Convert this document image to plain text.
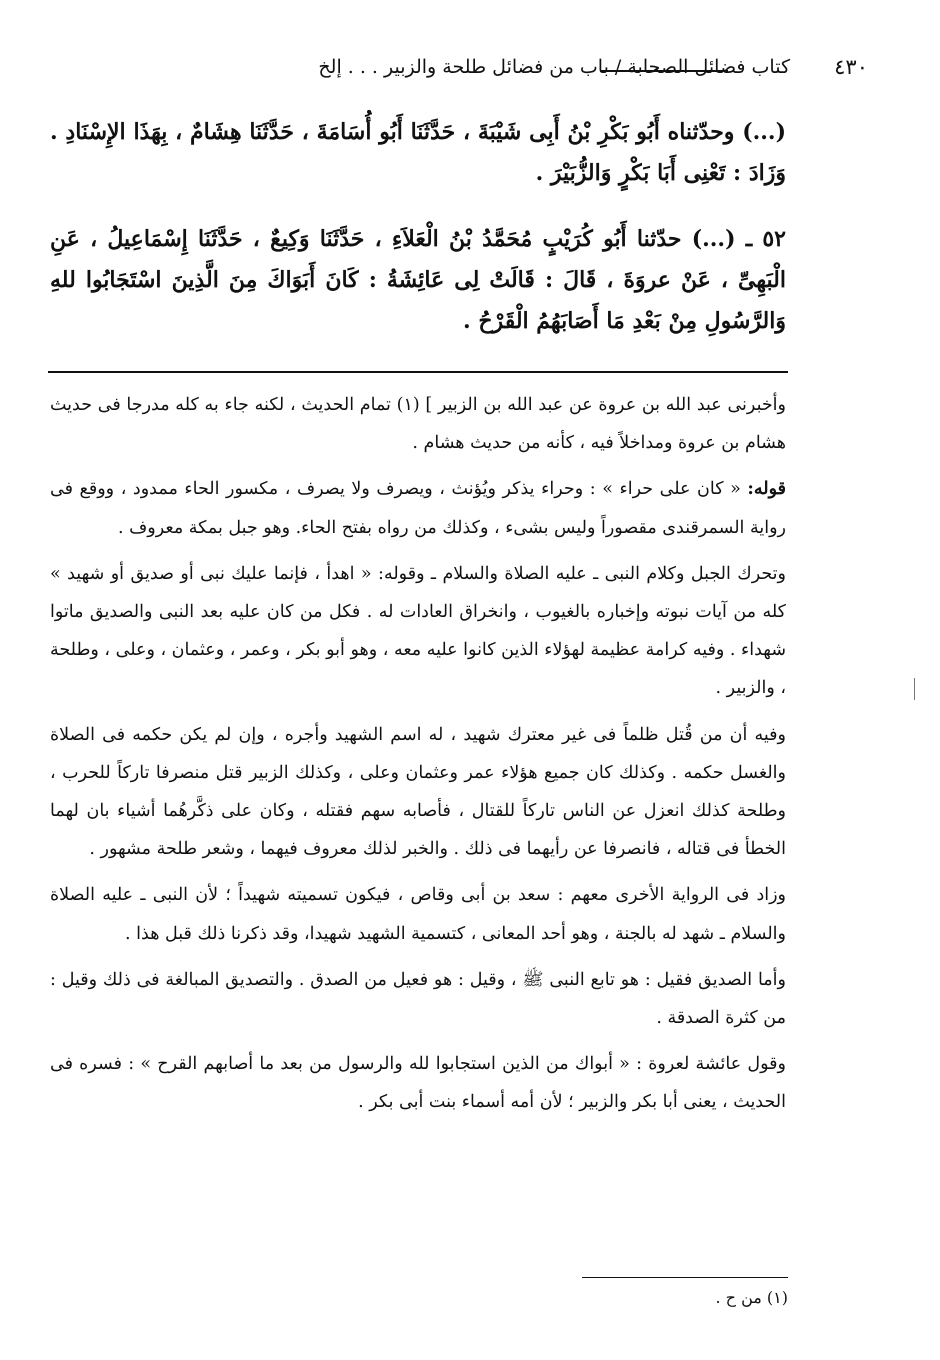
٤٣٠
كتاب فضائل الصحابة / باب من فضائل طلحة والزبير . . . إلخ
(...) وحدّثناه أَبُو بَكْرِ بْنُ أَبِى شَيْبَةَ ، حَدَّثَنَا أَبُو أُسَامَةَ ، حَدَّثَنَا هِشَامٌ ، بِهَذَا الإِسْنَادِ . وَزَادَ : تَعْنِى أَبَا بَكْرٍ وَالزُّبَيْرَ .
٥٢ ـ (...) حدّثنا أَبُو كُرَيْبٍ مُحَمَّدُ بْنُ الْعَلاَءِ ، حَدَّثَنَا وَكِيعٌ ، حَدَّثَنَا إِسْمَاعِيلُ ، عَنِ الْبَهِىِّ ، عَنْ عروَةَ ، قَالَ : قَالَتْ لِى عَائِشَةُ : كَانَ أَبَوَاكَ مِنَ الَّذِينَ اسْتَجَابُوا للهِ وَالرَّسُولِ مِنْ بَعْدِ مَا أَصَابَهُمُ الْقَرْحُ .

وأخبرنى عبد الله بن عروة عن عبد الله بن الزبير ] (١) تمام الحديث ، لكنه جاء به كله مدرجا فى حديث هشام بن عروة ومداخلاً فيه ، كأنه من حديث هشام .

قوله: « كان على حراء » : وحراء يذكر ويُؤنث ، ويصرف ولا يصرف ، مكسور الحاء ممدود ، ووقع فى رواية السمرقندى مقصوراً وليس بشىء ، وكذلك من رواه بفتح الحاء. وهو جبل بمكة معروف .

وتحرك الجبل وكلام النبى ـ عليه الصلاة والسلام ـ وقوله: « اهدأ ، فإنما عليك نبى أو صديق أو شهيد » كله من آيات نبوته وإخباره بالغيوب ، وانخراق العادات له . فكل من كان عليه بعد النبى والصديق ماتوا شهداء . وفيه كرامة عظيمة لهؤلاء الذين كانوا عليه معه ، وهو أبو بكر ، وعمر ، وعثمان ، وعلى ، وطلحة ، والزبير .

وفيه أن من قُتل ظلماً فى غير معترك شهيد ، له اسم الشهيد وأجره ، وإن لم يكن حكمه فى الصلاة والغسل حكمه . وكذلك كان جميع هؤلاء عمر وعثمان وعلى ، وكذلك الزبير قتل منصرفا تاركاً للحرب ، وطلحة كذلك انعزل عن الناس تاركاً للقتال ، فأصابه سهم فقتله ، وكان على ذكَّرهُما أشياء بان لهما الخطأ فى قتاله ، فانصرفا عن رأيهما فى ذلك . والخبر لذلك معروف فيهما ، وشعر طلحة مشهور .

وزاد فى الرواية الأخرى معهم : سعد بن أبى وقاص ، فيكون تسميته شهيداً ؛ لأن النبى ـ عليه الصلاة والسلام ـ شهد له بالجنة ، وهو أحد المعانى ، كتسمية الشهيد شهيدا، وقد ذكرنا ذلك قبل هذا .

وأما الصديق فقيل : هو تابع النبى ﷺ ، وقيل : هو فعيل من الصدق . والتصديق المبالغة فى ذلك وقيل : من كثرة الصدقة .

وقول عائشة لعروة : « أبواك من الذين استجابوا لله والرسول من بعد ما أصابهم القرح » : فسره فى الحديث ، يعنى أبا بكر والزبير ؛ لأن أمه أسماء بنت أبى بكر .

(١) من ح .
